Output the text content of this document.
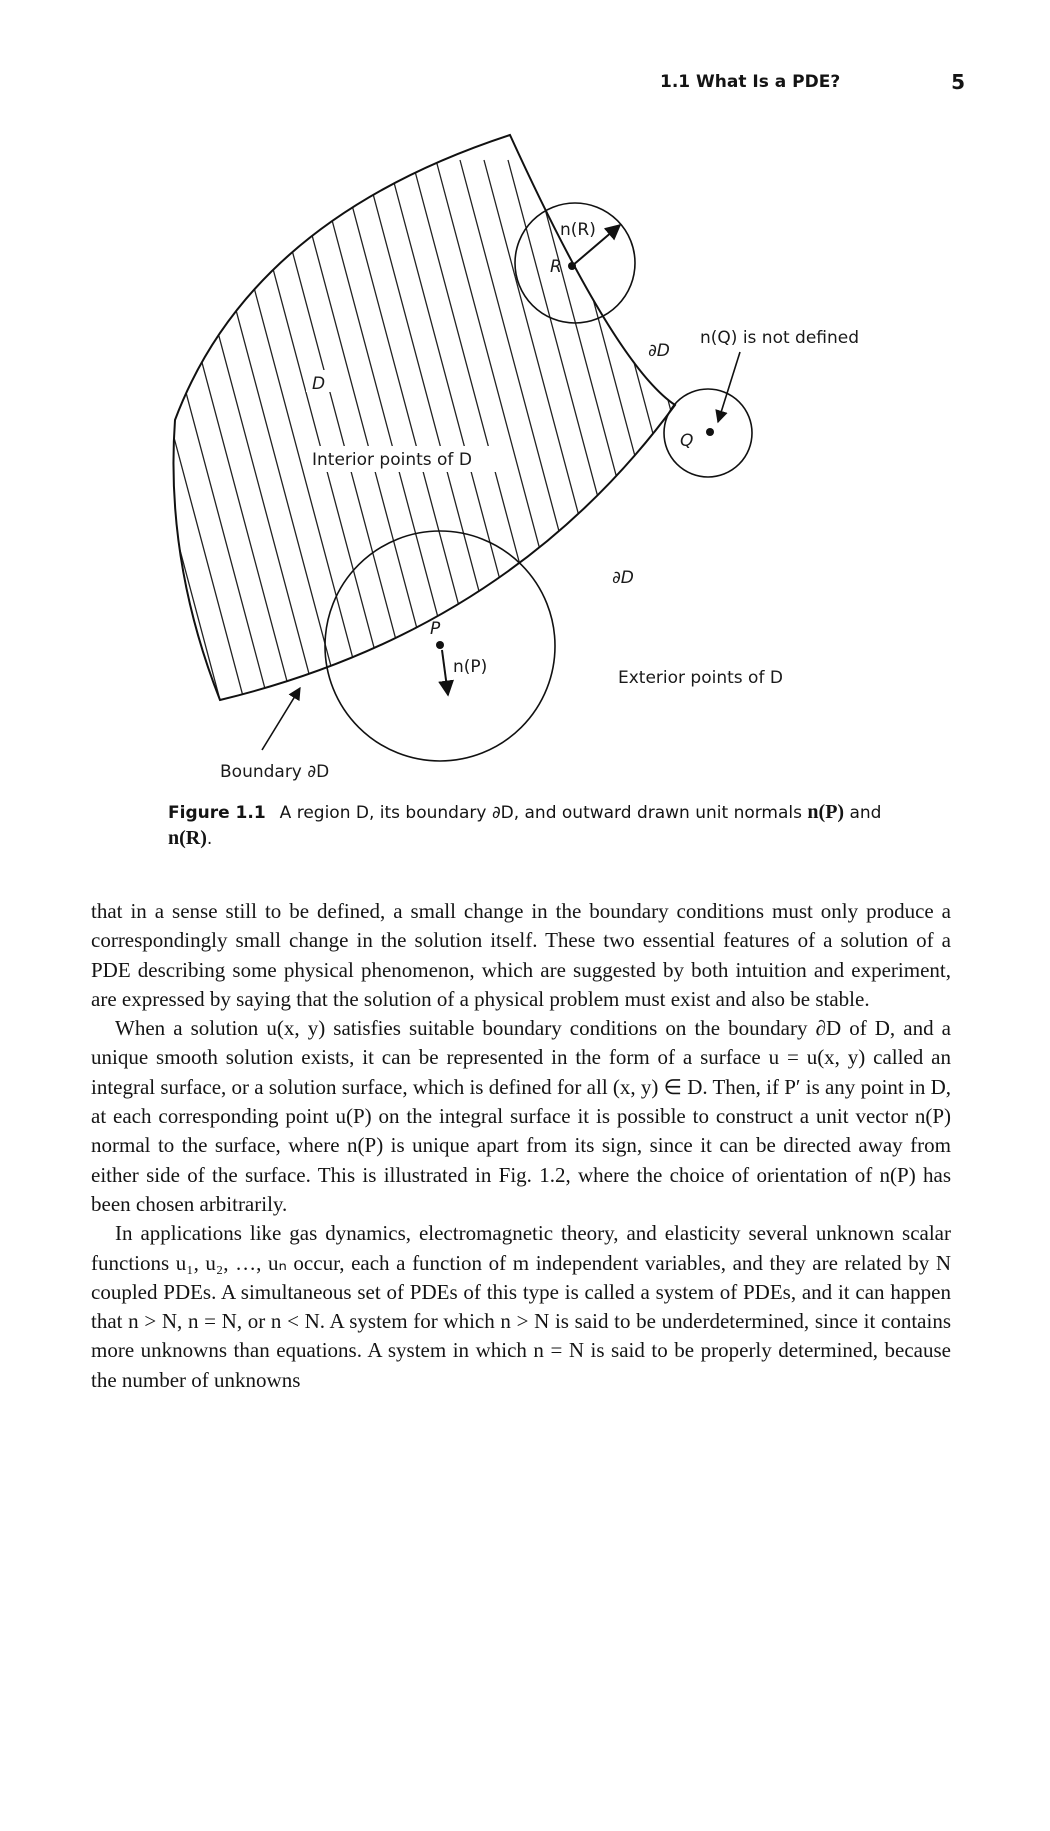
1.1 What Is a PDE?	5
n(R)
R
∂D
n(Q) is not defined
Q
D
Interior points of D
∂D
P
n(P)
Exterior points of D
Boundary ∂D
Figure 1.1 A region D, its boundary ∂D, and outward drawn unit normals n(P) and n(R).

that in a sense still to be defined, a small change in the boundary conditions must only produce a correspondingly small change in the solution itself. These two essential features of a solution of a PDE describing some physical phenomenon, which are suggested by both intuition and experiment, are expressed by saying that the solution of a physical problem must exist and also be stable.

When a solution u(x, y) satisfies suitable boundary conditions on the boundary ∂D of D, and a unique smooth solution exists, it can be represented in the form of a surface u = u(x, y) called an integral surface, or a solution surface, which is defined for all (x, y) ∈ D. Then, if P′ is any point in D, at each corresponding point u(P) on the integral surface it is possible to construct a unit vector n(P) normal to the surface, where n(P) is unique apart from its sign, since it can be directed away from either side of the surface. This is illustrated in Fig. 1.2, where the choice of orientation of n(P) has been chosen arbitrarily.

In applications like gas dynamics, electromagnetic theory, and elasticity several unknown scalar functions u₁, u₂, …, uₙ occur, each a function of m independent variables, and they are related by N coupled PDEs. A simultaneous set of PDEs of this type is called a system of PDEs, and it can happen that n > N, n = N, or n < N. A system for which n > N is said to be underdetermined, since it contains more unknowns than equations. A system in which n = N is said to be properly determined, because the number of unknowns
